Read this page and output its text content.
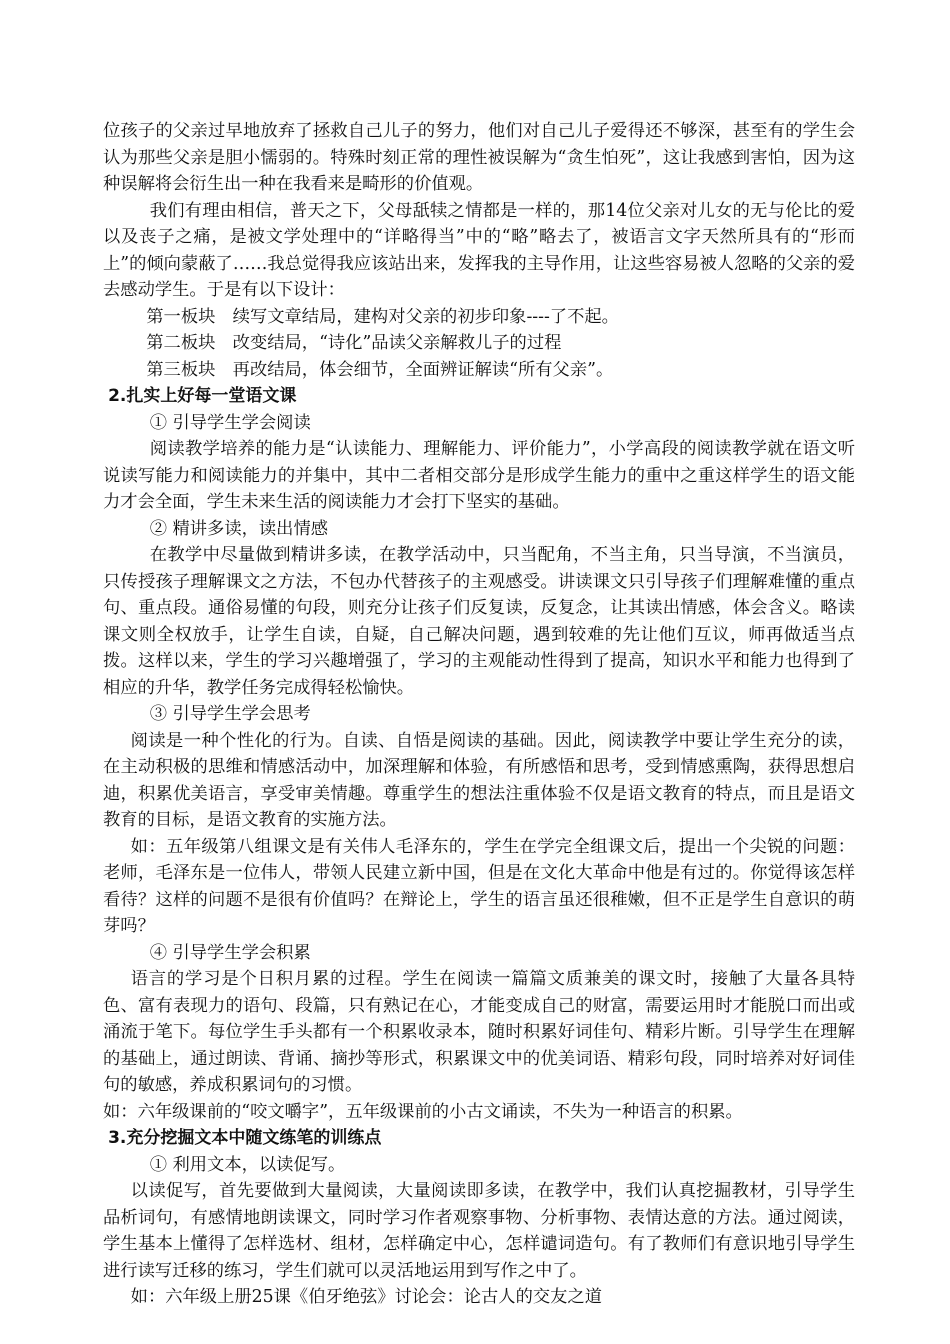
位孩子的父亲过早地放弃了拯救自己儿子的努力，他们对自己儿子爱得还不够深，甚至有的学生会认为那些父亲是胆小懦弱的。特殊时刻正常的理性被误解为“贪生怕死”，这让我感到害怕，因为这种误解将会衍生出一种在我看来是畸形的价值观。

我们有理由相信，普天之下，父母舐犊之情都是一样的，那14位父亲对儿女的无与伦比的爱以及丧子之痛，是被文学处理中的“详略得当”中的“略”略去了，被语言文字天然所具有的“形而上”的倾向蒙蔽了……我总觉得我应该站出来，发挥我的主导作用，让这些容易被人忽略的父亲的爱去感动学生。于是有以下设计：

第一板块　续写文章结局，建构对父亲的初步印象----了不起。

第二板块　改变结局，“诗化”品读父亲解救儿子的过程

第三板块　再改结局，体会细节，全面辨证解读“所有父亲”。

2.扎实上好每一堂语文课

① 引导学生学会阅读

阅读教学培养的能力是“认读能力、理解能力、评价能力”，小学高段的阅读教学就在语文听说读写能力和阅读能力的并集中，其中二者相交部分是形成学生能力的重中之重这样学生的语文能力才会全面，学生未来生活的阅读能力才会打下坚实的基础。

② 精讲多读，读出情感

在教学中尽量做到精讲多读，在教学活动中，只当配角，不当主角，只当导演，不当演员，只传授孩子理解课文之方法，不包办代替孩子的主观感受。讲读课文只引导孩子们理解难懂的重点句、重点段。通俗易懂的句段，则充分让孩子们反复读，反复念，让其读出情感，体会含义。略读课文则全权放手，让学生自读，自疑，自己解决问题，遇到较难的先让他们互议，师再做适当点拨。这样以来，学生的学习兴趣增强了，学习的主观能动性得到了提高，知识水平和能力也得到了相应的升华，教学任务完成得轻松愉快。

③ 引导学生学会思考

阅读是一种个性化的行为。自读、自悟是阅读的基础。因此，阅读教学中要让学生充分的读，在主动积极的思维和情感活动中，加深理解和体验，有所感悟和思考，受到情感熏陶，获得思想启迪，积累优美语言，享受审美情趣。尊重学生的想法注重体验不仅是语文教育的特点，而且是语文教育的目标，是语文教育的实施方法。

如：五年级第八组课文是有关伟人毛泽东的，学生在学完全组课文后，提出一个尖锐的问题：老师，毛泽东是一位伟人，带领人民建立新中国，但是在文化大革命中他是有过的。你觉得该怎样看待？这样的问题不是很有价值吗？在辩论上，学生的语言虽还很稚嫩，但不正是学生自意识的萌芽吗？

④ 引导学生学会积累

语言的学习是个日积月累的过程。学生在阅读一篇篇文质兼美的课文时，接触了大量各具特色、富有表现力的语句、段篇，只有熟记在心，才能变成自己的财富，需要运用时才能脱口而出或涌流于笔下。每位学生手头都有一个积累收录本，随时积累好词佳句、精彩片断。引导学生在理解的基础上，通过朗读、背诵、摘抄等形式，积累课文中的优美词语、精彩句段，同时培养对好词佳句的敏感，养成积累词句的习惯。

如：六年级课前的“咬文嚼字”，五年级课前的小古文诵读，不失为一种语言的积累。

3.充分挖掘文本中随文练笔的训练点

① 利用文本，以读促写。

以读促写，首先要做到大量阅读，大量阅读即多读，在教学中，我们认真挖掘教材，引导学生品析词句，有感情地朗读课文，同时学习作者观察事物、分析事物、表情达意的方法。通过阅读，学生基本上懂得了怎样选材、组材，怎样确定中心，怎样谴词造句。有了教师们有意识地引导学生进行读写迁移的练习，学生们就可以灵活地运用到写作之中了。

如：六年级上册25课《伯牙绝弦》讨论会：论古人的交友之道
